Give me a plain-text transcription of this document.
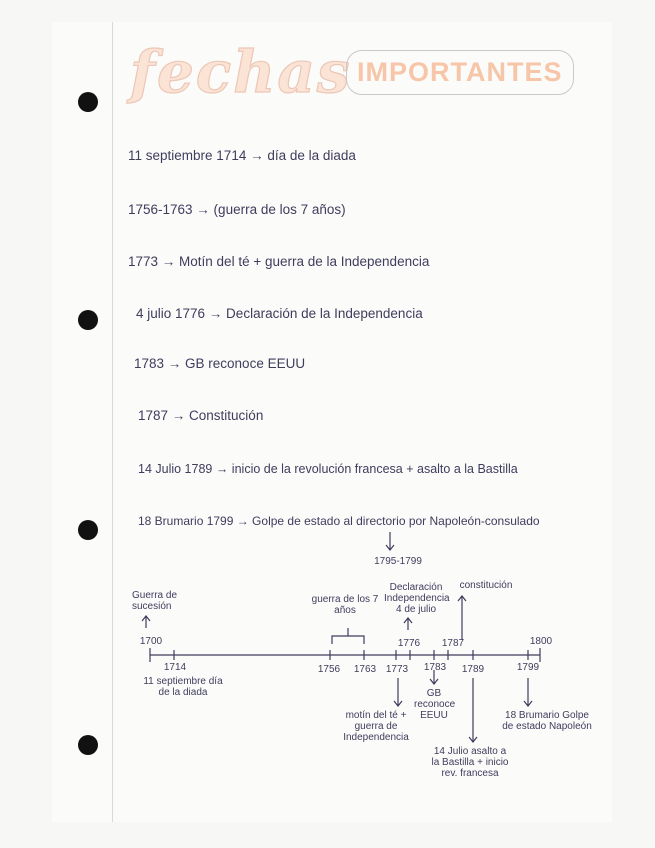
fechas IMPORTANTES
11 septiembre 1714 → día de la diada
1756-1763 → (guerra de los 7 años)
1773 → Motín del té + guerra de la Independencia
4 julio 1776 → Declaración de la Independencia
1783 → GB reconoce EEUU
1787 → Constitución
14 Julio 1789 → inicio de la revolución francesa + asalto a la Bastilla
18 Brumario 1799 → Golpe de estado al directorio por Napoleón-consulado
1795-1799
Guerra de sucesión
guerra de los 7 años
Declaración Independencia 4 de julio
constitución
1700	1800
1776 1787
1714	1756 1763 1773 1783 1789	1799
11 septiembre día de la diada
motín del té + guerra de Independencia
GB reconoce EEUU
14 Julio asalto a la Bastilla + inicio rev. francesa
18 Brumario Golpe de estado Napoleón
